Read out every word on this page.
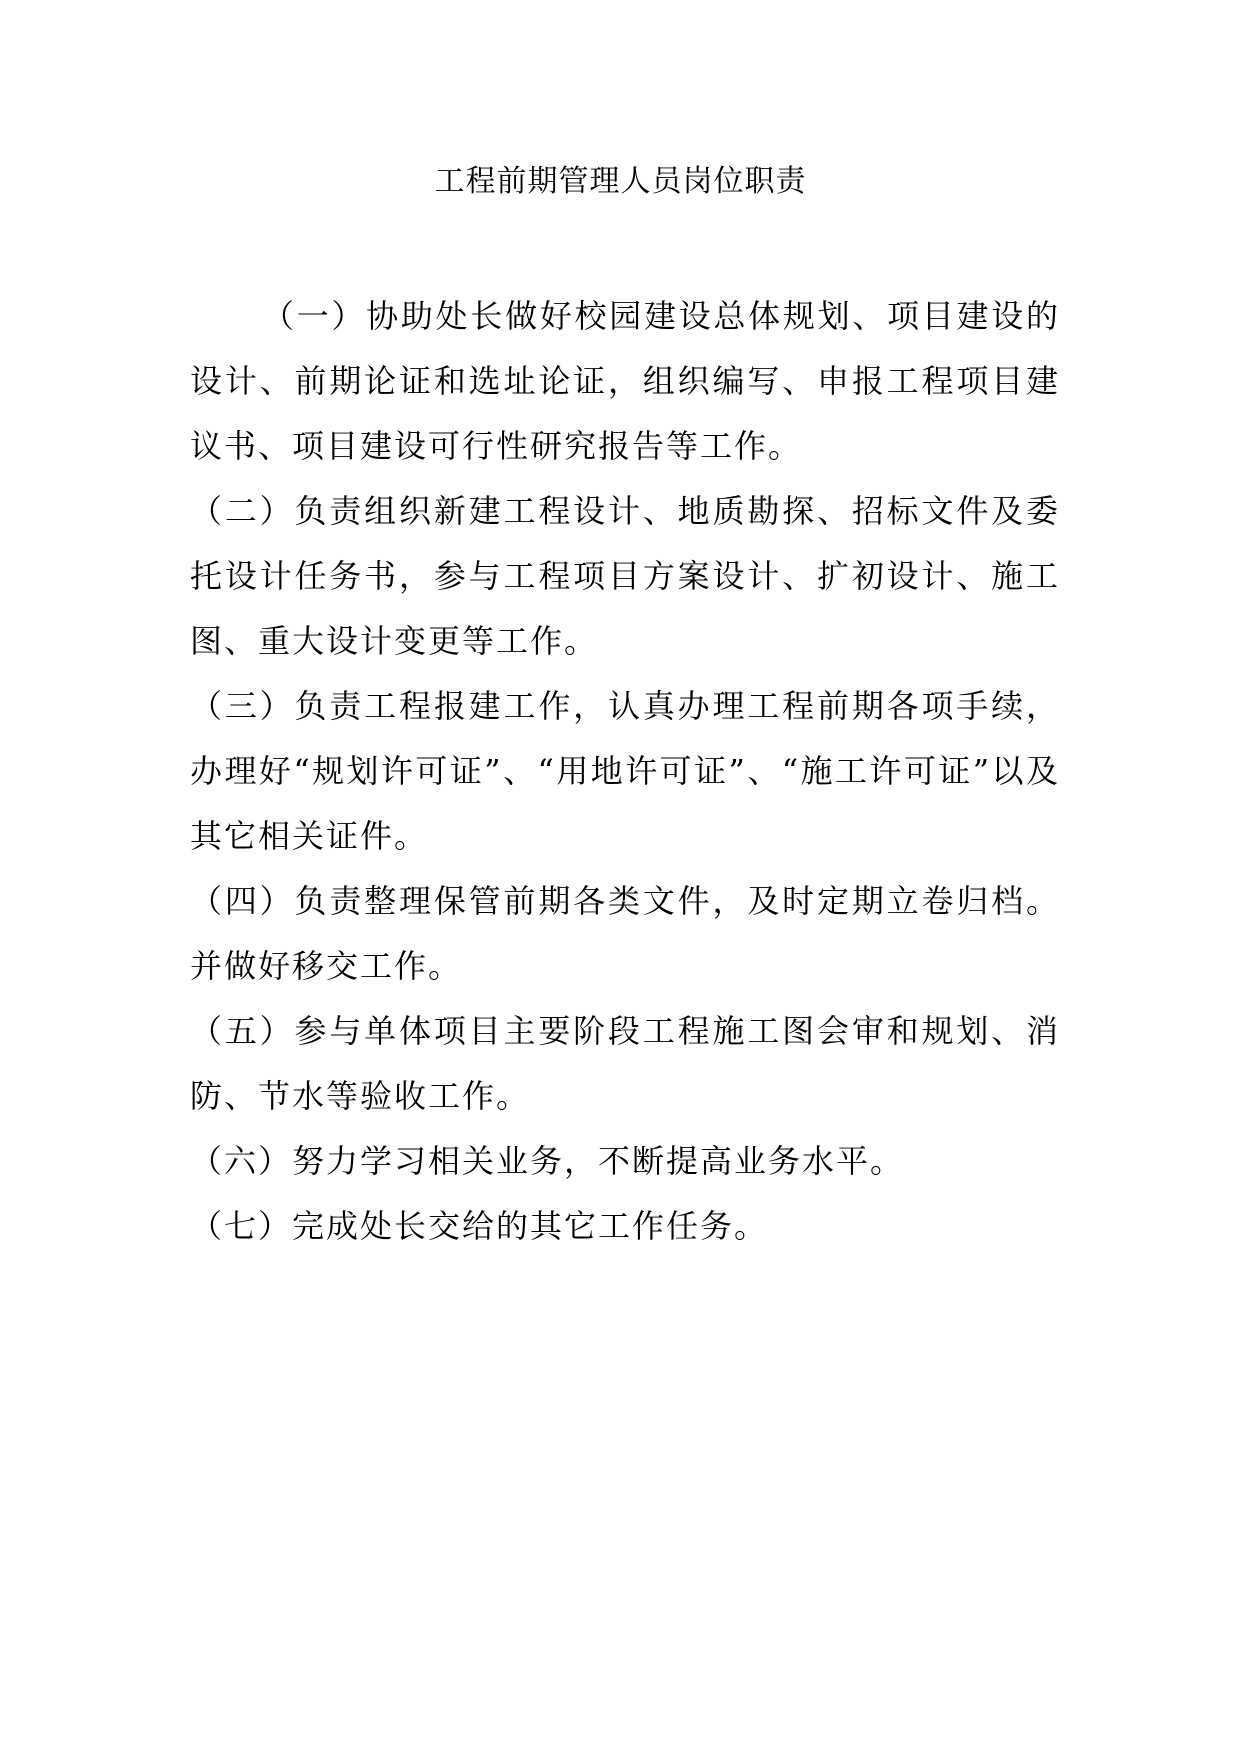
工程前期管理人员岗位职责

（一）协助处长做好校园建设总体规划、项目建设的设计、前期论证和选址论证，组织编写、申报工程项目建议书、项目建设可行性研究报告等工作。

（二）负责组织新建工程设计、地质勘探、招标文件及委托设计任务书，参与工程项目方案设计、扩初设计、施工图、重大设计变更等工作。

（三）负责工程报建工作，认真办理工程前期各项手续，办理好“规划许可证”、“用地许可证”、“施工许可证”以及其它相关证件。

（四）负责整理保管前期各类文件，及时定期立卷归档。并做好移交工作。

（五）参与单体项目主要阶段工程施工图会审和规划、消防、节水等验收工作。

（六）努力学习相关业务，不断提高业务水平。

（七）完成处长交给的其它工作任务。
